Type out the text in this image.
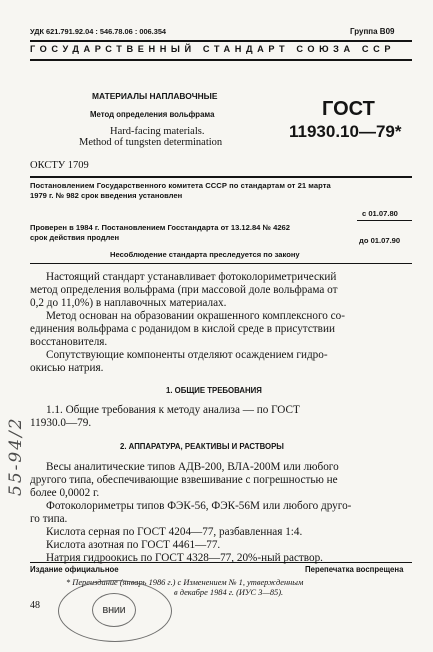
УДК 621.791.92.04 : 546.78.06 : 006.354	Группа В09
ГОСУДАРСТВЕННЫЙ СТАНДАРТ СОЮЗА ССР
МАТЕРИАЛЫ НАПЛАВОЧНЫЕ
Метод определения вольфрама
Hard-facing materials.
Method of tungsten determination
ГОСТ
11930.10—79*
ОКСТУ 1709
Постановлением Государственного комитета СССР по стандартам от 21 марта
1979 г. № 982 срок введения установлен
с 01.07.80
Проверен в 1984 г. Постановлением Госстандарта от 13.12.84 № 4262
срок действия продлен	до 01.07.90
Несоблюдение стандарта преследуется по закону
Настоящий стандарт устанавливает фотоколориметрический
метод определения вольфрама (при массовой доле вольфрама от
0,2 до 11,0%) в наплавочных материалах.
Метод основан на образовании окрашенного комплексного со-
единения вольфрама с роданидом в кислой среде в присутствии
восстановителя.
Сопутствующие компоненты отделяют осаждением гидро-
окисью натрия.
1. ОБЩИЕ ТРЕБОВАНИЯ
1.1. Общие требования к методу анализа — по ГОСТ
11930.0—79.
2. АППАРАТУРА, РЕАКТИВЫ И РАСТВОРЫ
Весы аналитические типов АДВ-200, ВЛА-200М или любого
другого типа, обеспечивающие взвешивание с погрешностью не
более 0,0002 г.
Фотоколориметры типов ФЭК-56, ФЭК-56М или любого друго-
го типа.
Кислота серная по ГОСТ 4204—77, разбавленная 1:4.
Кислота азотная по ГОСТ 4461—77.
Натрия гидроокись по ГОСТ 4328—77, 20%-ный раствор.
Издание официальное	Перепечатка воспрещена
* Переиздание (январь 1986 г.) с Изменением № 1, утвержденным
в декабре 1984 г. (ИУС 3—85).
48	ВНИИ
55-94/2
